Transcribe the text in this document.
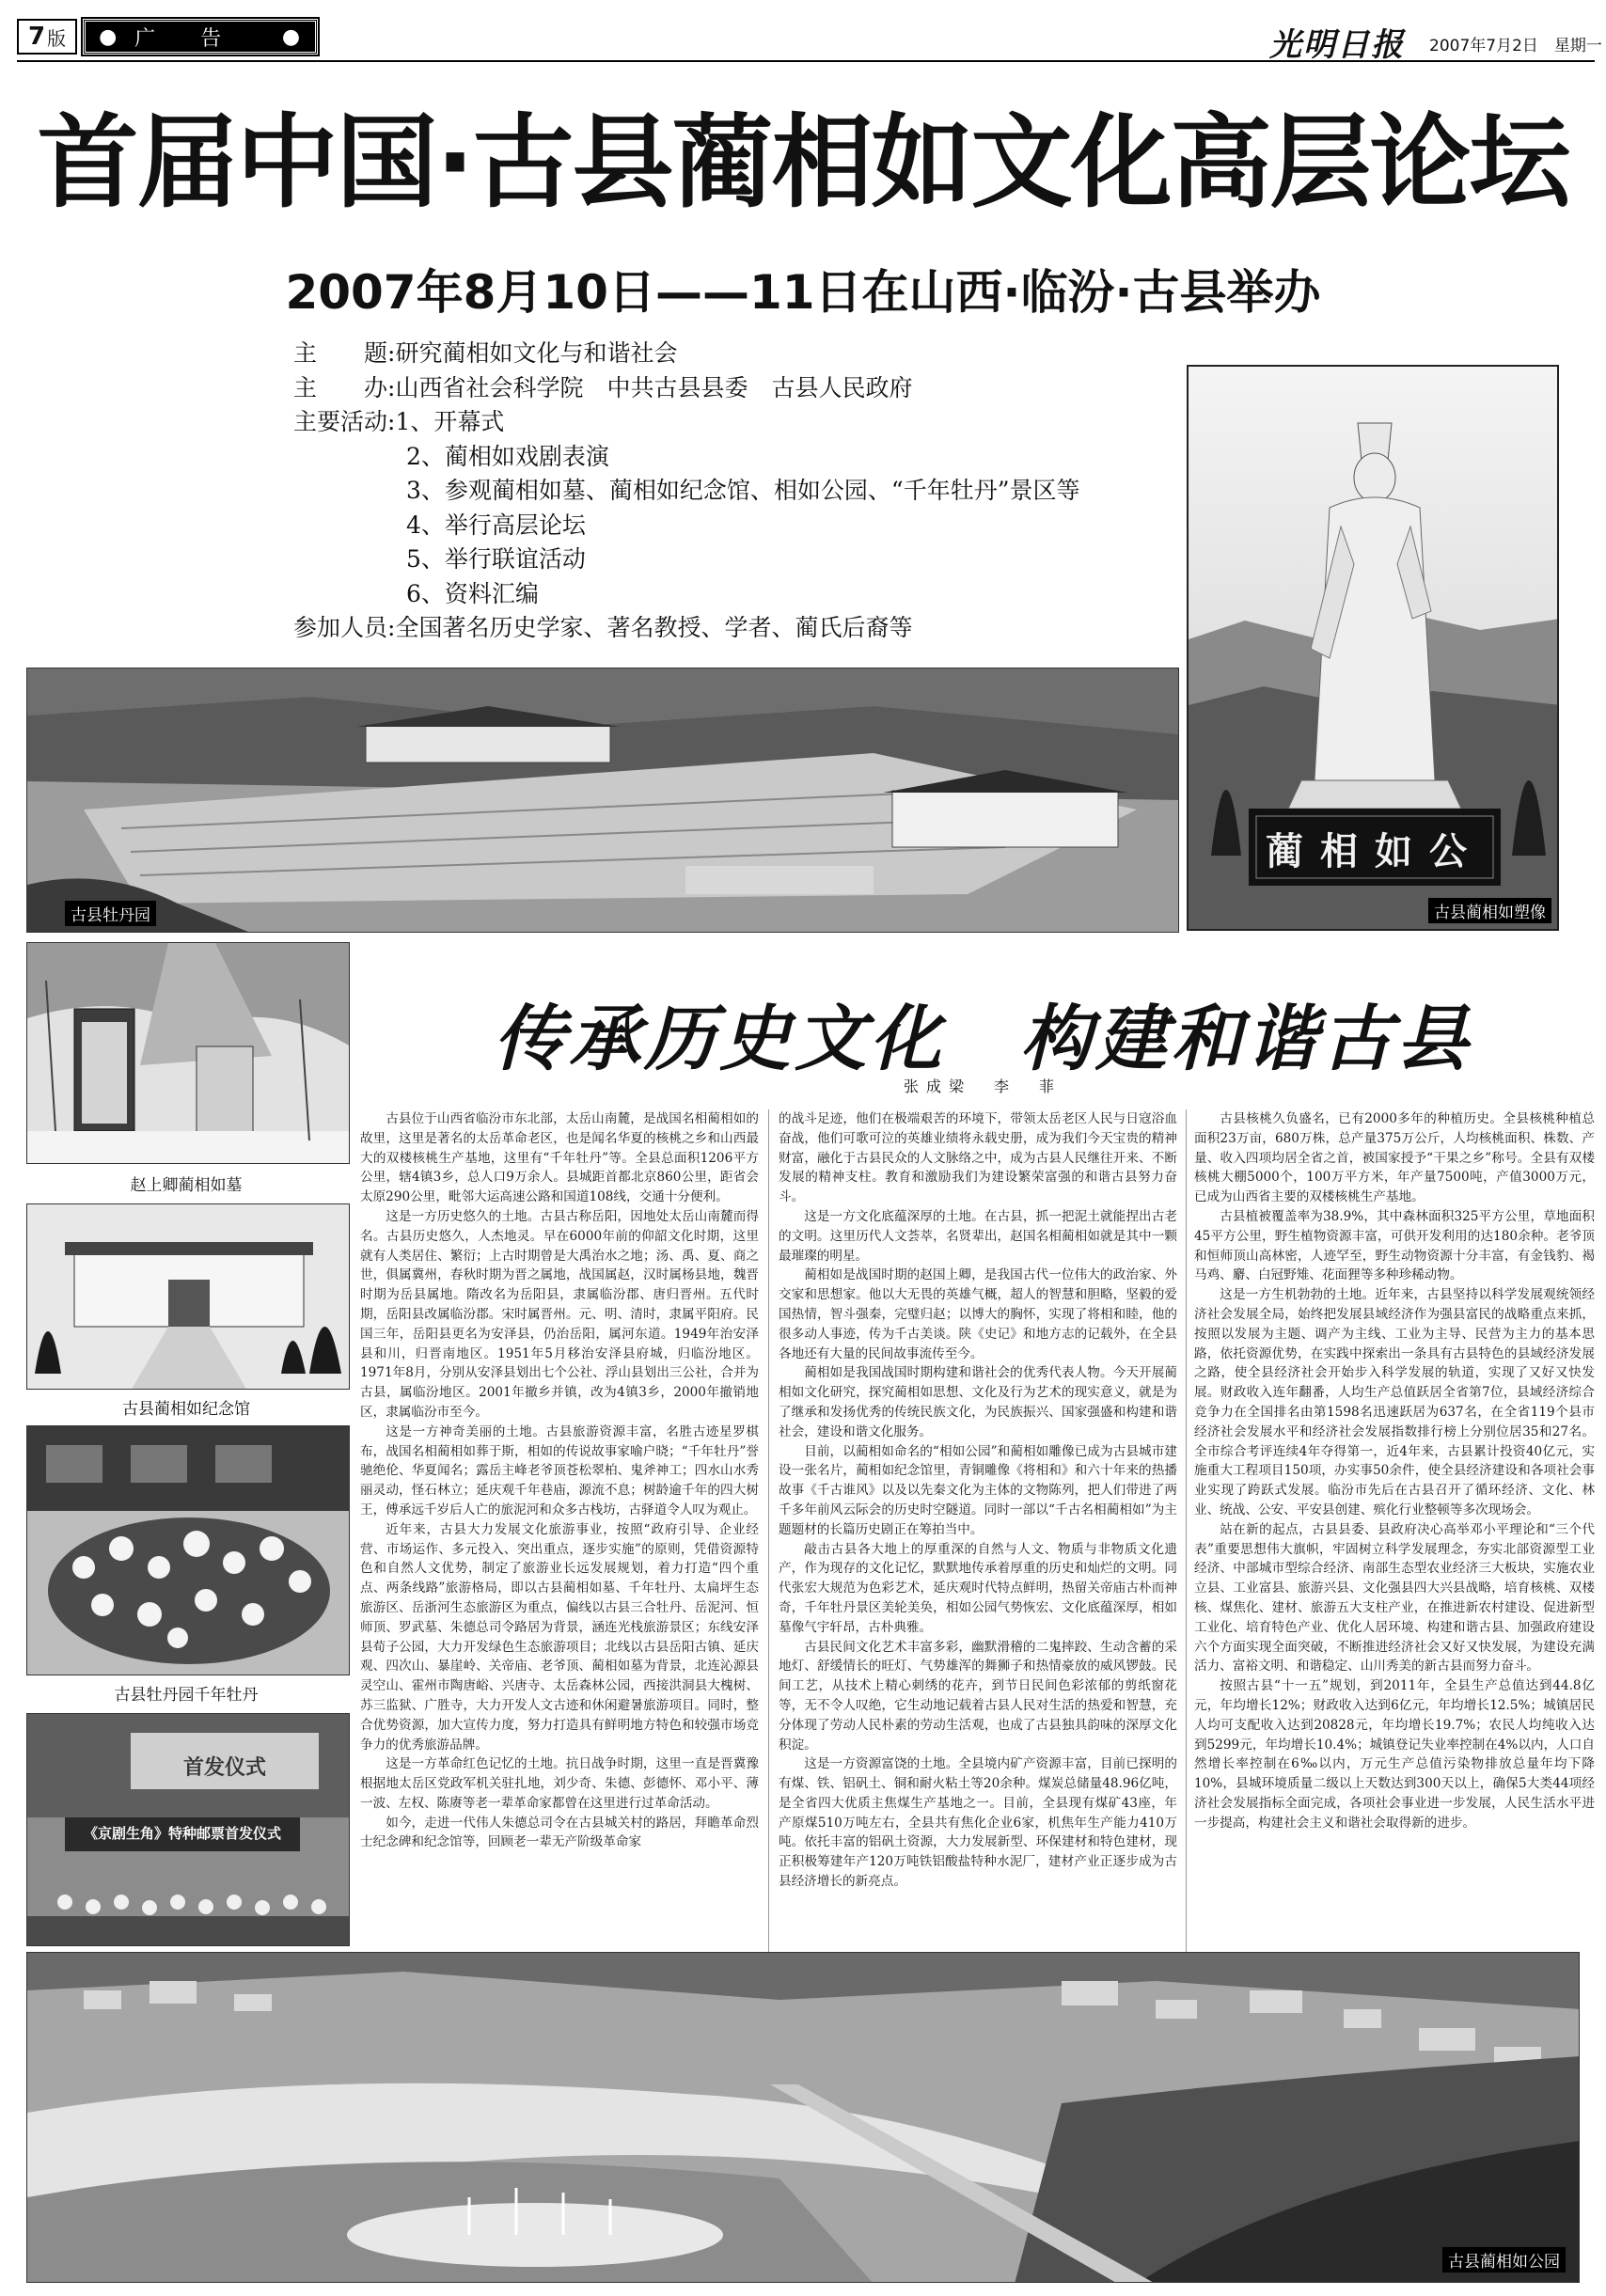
7 版 ● 广告 ●	光明日报 2007年7月2日　星期一
首届中国·古县蔺相如文化高层论坛
2007年8月10日——11日在山西·临汾·古县举办
主　　题: 研究蔺相如文化与和谐社会
主　　办: 山西省社会科学院　中共古县县委　古县人民政府
主要活动: 1、开幕式
2、蔺相如戏剧表演
3、参观蔺相如墓、蔺相如纪念馆、相如公园、“千年牡丹”景区等
4、举行高层论坛
5、举行联谊活动
6、资料汇编
参加人员: 全国著名历史学家、著名教授、学者、蔺氏后裔等
蔺相如公
古县蔺相如塑像
古县牡丹园
赵上卿蔺相如墓
古县蔺相如纪念馆
古县牡丹园千年牡丹
首发仪式
《京剧生角》特种邮票首发仪式
传承历史文化　构建和谐古县
张成梁　李　菲

古县位于山西省临汾市东北部，太岳山南麓，是战国名相蔺相如的故里，这里是著名的太岳革命老区，也是闻名华夏的核桃之乡和山西最大的双楼核桃生产基地，这里有“千年牡丹”等。全县总面积1206平方公里，辖4镇3乡，总人口9万余人。县城距首都北京860公里，距省会太原290公里，毗邻大运高速公路和国道108线，交通十分便利。

这是一方历史悠久的土地。古县古称岳阳，因地处太岳山南麓而得名。古县历史悠久，人杰地灵。早在6000年前的仰韶文化时期，这里就有人类居住、繁衍；上古时期曾是大禹治水之地；汤、禹、夏、商之世，俱属冀州，春秋时期为晋之属地，战国属赵，汉时属杨县地，魏晋时期为岳县属地。隋改名为岳阳县，隶属临汾郡、唐归晋州。五代时期，岳阳县改属临汾郡。宋时属晋州。元、明、清时，隶属平阳府。民国三年，岳阳县更名为安泽县，仍治岳阳，属河东道。1949年治安泽县和川，归晋南地区。1951年5月移治安泽县府城，归临汾地区。1971年8月，分别从安泽县划出七个公社、浮山县划出三公社，合并为古县，属临汾地区。2001年撤乡并镇，改为4镇3乡，2000年撤销地区，隶属临汾市至今。

这是一方神奇美丽的土地。古县旅游资源丰富，名胜古迹星罗棋布，战国名相蔺相如葬于斯，相如的传说故事家喻户晓；“千年牡丹”誉驰绝伦、华夏闻名；露岳主峰老爷顶苍松翠柏、鬼斧神工；四水山水秀丽灵动，怪石林立；延庆观千年巷庙，源流不息；树龄逾千年的四大树王，傅承远千岁后人亡的旅泥河和众多古栈坊，古驿道令人叹为观止。

近年来，古县大力发展文化旅游事业，按照“政府引导、企业经营、市场运作、多元投入、突出重点，逐步实施”的原则，凭借资源特色和自然人文优势，制定了旅游业长远发展规划，着力打造“四个重点、两条线路”旅游格局，即以古县蔺相如墓、千年牡丹、太扁坪生态旅游区、岳浙河生态旅游区为重点，偏线以古县三合牡丹、岳泥河、恒师顶、罗武墓、朱德总司令路居为背景，涵连光栈旅游景区；东线安泽县荀子公园，大力开发绿色生态旅游项目；北线以古县岳阳古镇、延庆观、四次山、暴崖岭、关帝庙、老爷顶、蔺相如墓为背景，北连沁源县灵空山、霍州市陶唐峪、兴唐寺、太岳森林公园，西接洪洞县大槐树、苏三监狱、广胜寺，大力开发人文古迹和休闲避暑旅游项目。同时，整合优势资源，加大宣传力度，努力打造具有鲜明地方特色和较强市场竞争力的优秀旅游品牌。

这是一方革命红色记忆的土地。抗日战争时期，这里一直是晋冀豫根据地太岳区党政军机关驻扎地，刘少奇、朱德、彭德怀、邓小平、薄一波、左权、陈赓等老一辈革命家都曾在这里进行过革命活动。

如今，走进一代伟人朱德总司令在古县城关村的路居，拜瞻革命烈士纪念碑和纪念馆等，回顾老一辈无产阶级革命家

的战斗足迹，他们在极端艰苦的环境下，带领太岳老区人民与日寇浴血奋战，他们可歌可泣的英雄业绩将永载史册，成为我们今天宝贵的精神财富，融化于古县民众的人文脉络之中，成为古县人民继往开来、不断发展的精神支柱。教育和激励我们为建设繁荣富强的和谐古县努力奋斗。

这是一方文化底蕴深厚的土地。在古县，抓一把泥土就能捏出古老的文明。这里历代人文荟萃，名贤辈出，赵国名相蔺相如就是其中一颗最璀璨的明星。

蔺相如是战国时期的赵国上卿，是我国古代一位伟大的政治家、外交家和思想家。他以大无畏的英雄气概，超人的智慧和胆略，坚毅的爱国热情，智斗强秦，完璧归赵；以博大的胸怀，实现了将相和睦，他的很多动人事迹，传为千古美谈。陕《史记》和地方志的记载外，在全县各地还有大量的民间故事流传至今。

蔺相如是我国战国时期构建和谐社会的优秀代表人物。今天开展蔺相如文化研究，探究蔺相如思想、文化及行为艺术的现实意义，就是为了继承和发扬优秀的传统民族文化，为民族振兴、国家强盛和构建和谐社会，建设和谐文化服务。

目前，以蔺相如命名的“相如公园”和蔺相如雕像已成为古县城市建设一张名片，蔺相如纪念馆里，青铜雕像《将相和》和六十年来的热播故事《千古谁风》以及以先秦文化为主体的文物陈列，把人们带进了两千多年前风云际会的历史时空隧道。同时一部以“千古名相蔺相如”为主题题材的长篇历史剧正在筹拍当中。

敲击古县各大地上的厚重深的自然与人文、物质与非物质文化遗产，作为现存的文化记忆，默默地传承着厚重的历史和灿烂的文明。同代张宏大规范为色彩艺术，延庆观时代特点鲜明，热留关帝庙古朴而神奇，千年牡丹景区美轮美奂，相如公园气势恢宏、文化底蕴深厚，相如墓像气宇轩昂，古朴典雅。

古县民间文化艺术丰富多彩，幽默滑稽的二鬼摔跤、生动含蓄的采地灯、舒缓情长的旺灯、气势雄浑的舞狮子和热情豪放的威风锣鼓。民间工艺，从技术上精心刺绣的花卉，到节日民间色彩浓郁的剪纸窗花等，无不令人叹绝，它生动地记载着古县人民对生活的热爱和智慧，充分体现了劳动人民朴素的劳动生活观，也成了古县独具韵味的深厚文化积淀。

这是一方资源富饶的土地。全县境内矿产资源丰富，目前已探明的有煤、铁、铝矾土、铜和耐火粘土等20余种。煤炭总储量48.96亿吨，是全省四大优质主焦煤生产基地之一。目前，全县现有煤矿43座，年产原煤510万吨左右，全县共有焦化企业6家，机焦年生产能力410万吨。依托丰富的铝矾土资源，大力发展新型、环保建材和特色建材，现正积极筹建年产120万吨铁铝酸盐特种水泥厂，建材产业正逐步成为古县经济增长的新亮点。

古县核桃久负盛名，已有2000多年的种植历史。全县核桃种植总面积23万亩，680万株，总产量375万公斤，人均核桃面积、株数、产量、收入四项均居全省之首，被国家授予“干果之乡”称号。全县有双楼核桃大棚5000个，100万平方米，年产量7500吨，产值3000万元，已成为山西省主要的双楼核桃生产基地。

古县植被覆盖率为38.9%，其中森林面积325平方公里，草地面积45平方公里，野生植物资源丰富，可供开发利用的达180余种。老爷顶和恒师顶山高林密，人迹罕至，野生动物资源十分丰富，有金钱豹、褐马鸡、麝、白冠野雉、花面狸等多种珍稀动物。

这是一方生机勃勃的土地。近年来，古县坚持以科学发展观统领经济社会发展全局，始终把发展县域经济作为强县富民的战略重点来抓，按照以发展为主题、调产为主线、工业为主导、民营为主力的基本思路，依托资源优势，在实践中探索出一条具有古县特色的县域经济发展之路，使全县经济社会开始步入科学发展的轨道，实现了又好又快发展。财政收入连年翻番，人均生产总值跃居全省第7位，县域经济综合竞争力在全国排名由第1598名迅速跃居为637名，在全省119个县市经济社会发展水平和经济社会发展指数排行榜上分别位居35和27名。全市综合考评连续4年夺得第一，近4年来，古县累计投资40亿元，实施重大工程项目150项，办实事50余件，使全县经济建设和各项社会事业实现了跨跃式发展。临汾市先后在古县召开了循环经济、文化、林业、统战、公安、平安县创建、殡化行业整顿等多次现场会。

站在新的起点，古县县委、县政府决心高举邓小平理论和“三个代表”重要思想伟大旗帜，牢固树立科学发展理念，夯实北部资源型工业经济、中部城市型综合经济、南部生态型农业经济三大板块，实施农业立县、工业富县、旅游兴县、文化强县四大兴县战略，培育核桃、双楼核、煤焦化、建材、旅游五大支柱产业，在推进新农村建设、促进新型工业化、培育特色产业、优化人居环境、构建和谐古县、加强政府建设六个方面实现全面突破，不断推进经济社会又好又快发展，为建设充满活力、富裕文明、和谐稳定、山川秀美的新古县而努力奋斗。

按照古县“十一五”规划，到2011年，全县生产总值达到44.8亿元，年均增长12%；财政收入达到6亿元，年均增长12.5%；城镇居民人均可支配收入达到20828元，年均增长19.7%；农民人均纯收入达到5299元，年均增长10.4%；城镇登记失业率控制在4%以内，人口自然增长率控制在6‰以内，万元生产总值污染物排放总量年均下降10%，县城环境质量二级以上天数达到300天以上，确保5大类44项经济社会发展指标全面完成，各项社会事业进一步发展，人民生活水平进一步提高，构建社会主义和谐社会取得新的进步。

古县蔺相如公园
